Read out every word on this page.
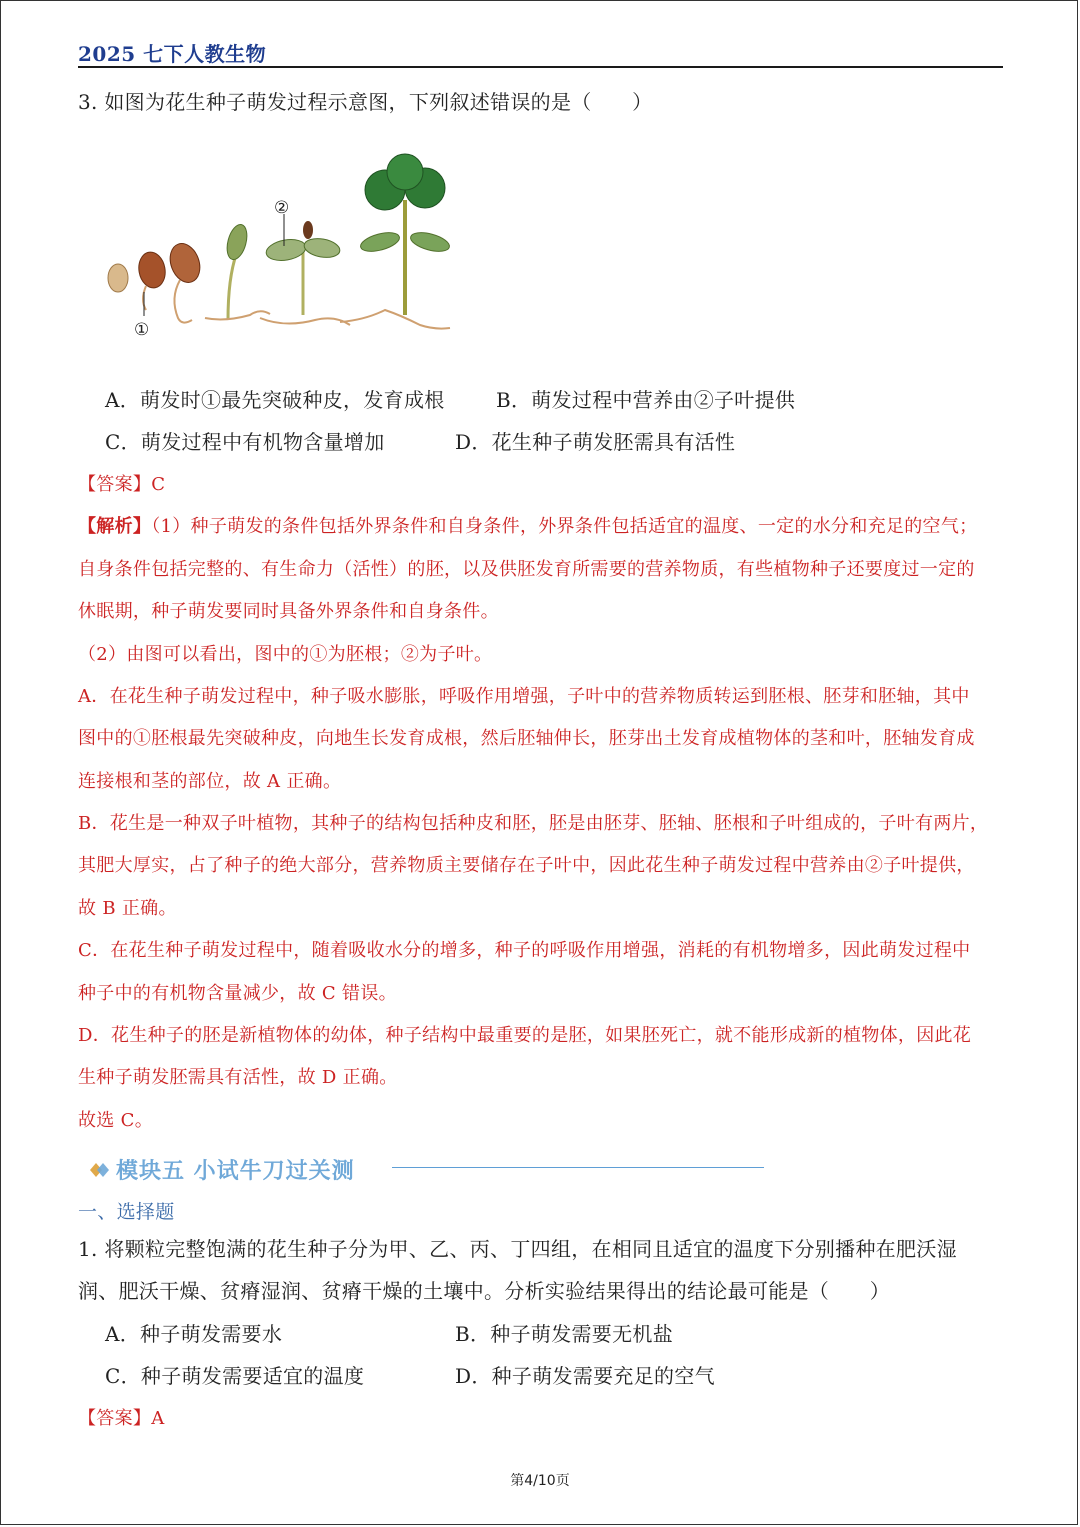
2025 七下人教生物
3. 如图为花生种子萌发过程示意图，下列叙述错误的是（　　）
②
①
A．萌发时①最先突破种皮，发育成根	B．萌发过程中营养由②子叶提供
C．萌发过程中有机物含量增加	D．花生种子萌发胚需具有活性
【答案】C
【解析】（1）种子萌发的条件包括外界条件和自身条件，外界条件包括适宜的温度、一定的水分和充足的空气；
自身条件包括完整的、有生命力（活性）的胚，以及供胚发育所需要的营养物质，有些植物种子还要度过一定的
休眠期，种子萌发要同时具备外界条件和自身条件。
（2）由图可以看出，图中的①为胚根；②为子叶。
A．在花生种子萌发过程中，种子吸水膨胀，呼吸作用增强，子叶中的营养物质转运到胚根、胚芽和胚轴，其中
图中的①胚根最先突破种皮，向地生长发育成根，然后胚轴伸长，胚芽出土发育成植物体的茎和叶，胚轴发育成
连接根和茎的部位，故 A 正确。
B．花生是一种双子叶植物，其种子的结构包括种皮和胚，胚是由胚芽、胚轴、胚根和子叶组成的，子叶有两片，
其肥大厚实，占了种子的绝大部分，营养物质主要储存在子叶中，因此花生种子萌发过程中营养由②子叶提供，
故 B 正确。
C．在花生种子萌发过程中，随着吸收水分的增多，种子的呼吸作用增强，消耗的有机物增多，因此萌发过程中
种子中的有机物含量减少，故 C 错误。
D．花生种子的胚是新植物体的幼体，种子结构中最重要的是胚，如果胚死亡，就不能形成新的植物体，因此花
生种子萌发胚需具有活性，故 D 正确。
故选 C。
模块五 小试牛刀过关测
一、选择题
1. 将颗粒完整饱满的花生种子分为甲、乙、丙、丁四组，在相同且适宜的温度下分别播种在肥沃湿
润、肥沃干燥、贫瘠湿润、贫瘠干燥的土壤中。分析实验结果得出的结论最可能是（　　）
A．种子萌发需要水	B．种子萌发需要无机盐
C．种子萌发需要适宜的温度	D．种子萌发需要充足的空气
【答案】A
第4/10页
